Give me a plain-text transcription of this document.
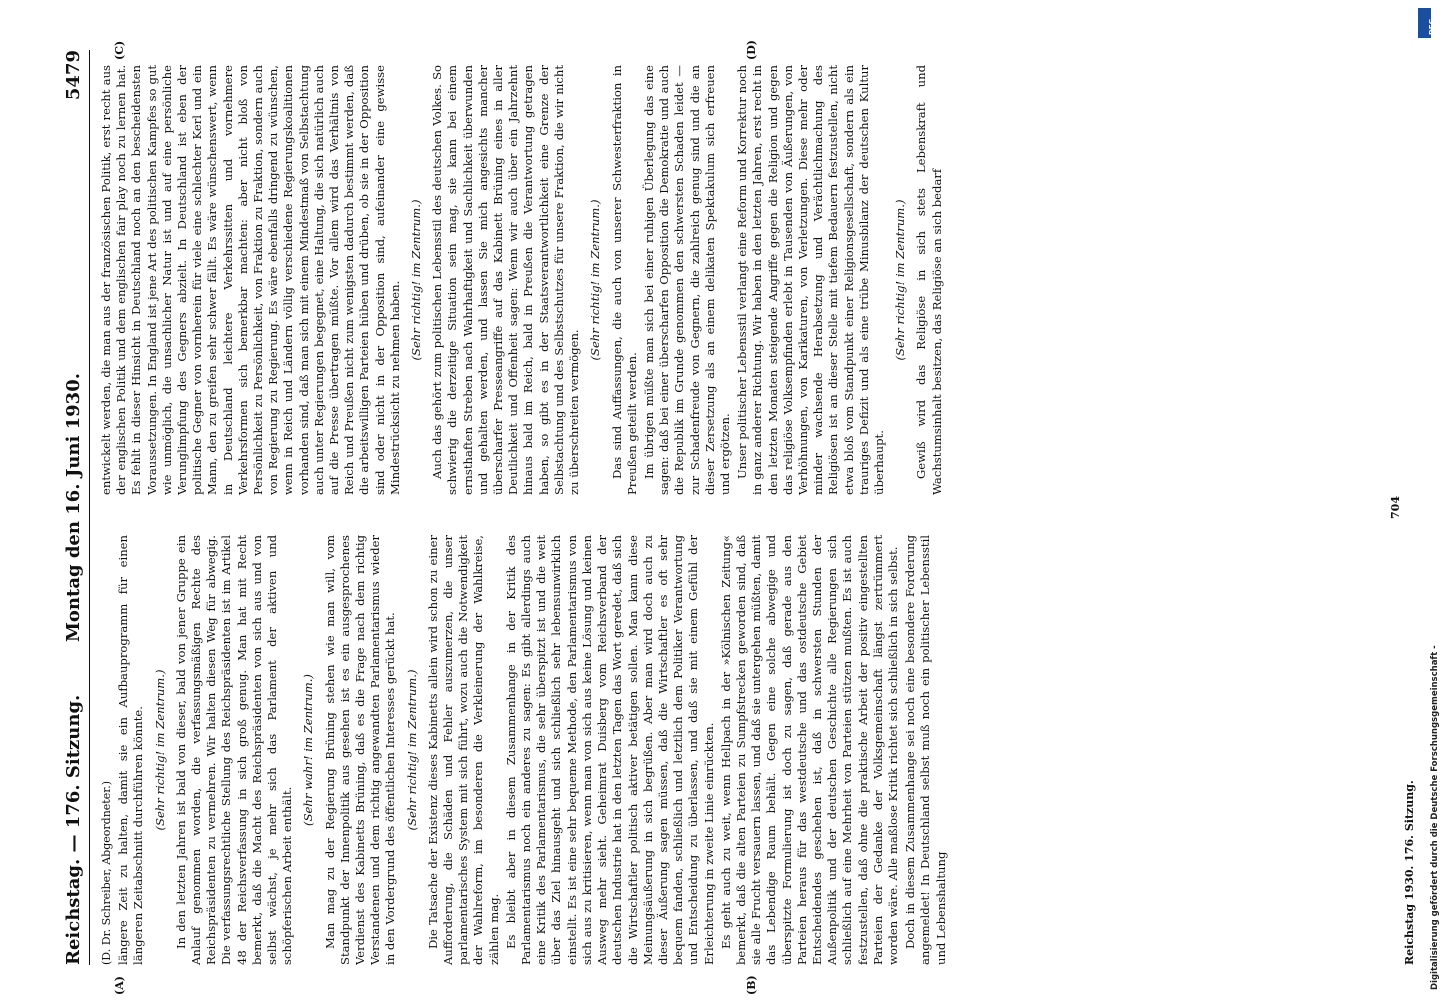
Reichstag. — 176. Sitzung.
Montag den 16. Juni 1930.
5479
(A)	(B)
(C)	(D)
(D. Dr. Schreiber, Abgeordneter.) längere Zeit zu halten, damit sie ein Aufbauprogramm für einen längeren Zeitabschnitt durchführen könnte. (Sehr richtig! im Zentrum.) In den letzten Jahren ist bald von dieser, bald von jener Gruppe ein Anlauf genommen worden, die verfassungsmäßigen Rechte des Reichspräsidenten zu vermehren. Wir halten diesen Weg für abwegig. Die verfassungsrechtliche Stellung des Reichspräsidenten ist im Artikel 48 der Reichsverfassung in sich groß genug. Man hat mit Recht bemerkt, daß die Macht des Reichspräsidenten von sich aus und von selbst wächst, je mehr sich das Parlament der aktiven und schöpferischen Arbeit enthält.

(Sehr wahr! im Zentrum.) Man mag zu der Regierung Brüning stehen wie man will, vom Standpunkt der Innenpolitik aus gesehen ist es ein ausgesprochenes Verdienst des Kabinetts Brüning, daß es die Frage nach dem richtig Verstandenen und dem richtig angewandten Parlamentarismus wieder in den Vordergrund des öffentlichen Interesses gerückt hat. (Sehr richtig! im Zentrum.) Die Tatsache der Existenz dieses Kabinetts allein wird schon zu einer Aufforderung, die Schäden und Fehler auszumerzen, die unser parlamentarisches System mit sich führt, wozu auch die Notwendigkeit der Wahlreform, im besonderen die Verkleinerung der Wahlkreise, zählen mag. Es bleibt aber in diesem Zusammenhange in der Kritik des Parlamentarismus noch ein anderes zu sagen: Es gibt allerdings auch eine Kritik des Parlamentarismus, die sehr überspitzt ist und die weit über das Ziel hinausgeht und sich schließlich sehr lebensunwirklich einstellt. Es ist eine sehr bequeme Methode, den Parlamentarismus von sich aus zu kritisieren, wenn man von sich aus keine Lösung und keinen Ausweg mehr sieht. Geheimrat Duisberg vom Reichsverband der deutschen Industrie hat in den letzten Tagen das Wort geredet, daß sich die Wirtschaftler politisch aktiver betätigen sollen. Man kann diese Meinungsäußerung in sich begrüßen. Aber man wird doch auch zu dieser Äußerung sagen müssen, daß die Wirtschaftler es oft sehr bequem fanden, schließlich und letztlich dem Politiker Verantwortung und Entscheidung zu überlassen, und daß sie mit einem Gefühl der Erleichterung in zweite Linie einrückten. Es geht auch zu weit, wenn Hellpach in der »Kölnischen Zeitung« bemerkt, daß die alten Parteien zu Sumpfstrecken geworden sind, daß sie alle Frucht versauern lassen, und daß sie untergehen müßten, damit das Lebendige Raum behält. Gegen eine solche abwegige und überspitzte Formulierung ist doch zu sagen, daß gerade aus den Parteien heraus für das westdeutsche und das ostdeutsche Gebiet Entscheidendes geschehen ist, daß in schwersten Stunden der Außenpolitik und der deutschen Geschichte alle Regierungen sich schließlich auf eine Mehrheit von Parteien stützen mußten. Es ist auch festzustellen, daß ohne die praktische Arbeit der positiv eingestellten Parteien der Gedanke der Volksgemeinschaft längst zertrümmert worden wäre. Alle maßlose Kritik richtet sich schließlich in sich selbst. Doch in diesem Zusammenhange sei noch eine besondere Forderung angemeldet! In Deutschland selbst muß noch ein politischer Lebensstil und Lebenshaltung

entwickelt werden, die man aus der französischen Politik, erst recht aus der englischen Politik und dem englischen fair play noch zu lernen hat. Es fehlt in dieser Hinsicht in Deutschland noch an den bescheidensten Voraussetzungen. In England ist jene Art des politischen Kampfes so gut wie unmöglich, die unsachlicher Natur ist und auf eine persönliche Verunglimpfung des Gegners abzielt. In Deutschland ist eben der politische Gegner von vornherein für viele eine schlechter Kerl und ein Mann, den zu greifen sehr schwer fällt. Es wäre wünschenswert, wenn in Deutschland leichtere Verkehrssitten und vornehmere Verkehrsformen sich bemerkbar machten: aber nicht bloß von Persönlichkeit zu Persönlichkeit, von Fraktion zu Fraktion, sondern auch von Regierung zu Regierung. Es wäre ebenfalls dringend zu wünschen, wenn in Reich und Ländern völlig verschiedene Regierungskoalitionen vorhanden sind, daß man sich mit einem Mindestmaß von Selbstachtung auch unter Regierungen begegnet, eine Haltung, die sich natürlich auch auf die Presse übertragen müßte. Vor allem wird das Verhältnis von Reich und Preußen nicht zum wenigsten dadurch bestimmt werden, daß die arbeitswilligen Parteien hüben und drüben, ob sie in der Opposition sind oder nicht in der Opposition sind, aufeinander eine gewisse Mindestrücksicht zu nehmen haben.

(Sehr richtig! im Zentrum.) Auch das gehört zum politischen Lebensstil des deutschen Volkes. So schwierig die derzeitige Situation sein mag, sie kann bei einem ernsthaften Streben nach Wahrhaftigkeit und Sachlichkeit überwunden und gehalten werden, und lassen Sie mich angesichts mancher überscharfer Presseangriffe auf das Kabinett Brüning eines in aller Deutlichkeit und Offenheit sagen: Wenn wir auch über ein Jahrzehnt hinaus bald im Reich, bald in Preußen die Verantwortung getragen haben, so gibt es in der Staatsverantwortlichkeit eine Grenze der Selbstachtung und des Selbstschutzes für unsere Fraktion, die wir nicht zu überschreiten vermögen.

(Sehr richtig! im Zentrum.) Das sind Auffassungen, die auch von unserer Schwesterfraktion in Preußen geteilt werden. Im übrigen müßte man sich bei einer ruhigen Überlegung das eine sagen: daß bei einer überscharfen Opposition die Demokratie und auch die Republik im Grunde genommen den schwersten Schaden leidet — zur Schadenfreude von Gegnern, die zahlreich genug sind und die an dieser Zersetzung als an einem delikaten Spektakulum sich erfreuen und ergötzen. Unser politischer Lebensstil verlangt eine Reform und Korrektur noch in ganz anderer Richtung. Wir haben in den letzten Jahren, erst recht in den letzten Monaten steigende Angriffe gegen die Religion und gegen das religiöse Volksempfinden erlebt in Tausenden von Äußerungen, von Verhöhnungen, von Karikaturen, von Verletzungen. Diese mehr oder minder wachsende Herabsetzung und Verächtlichmachung des Religiösen ist an dieser Stelle mit tiefem Bedauern festzustellen, nicht etwa bloß vom Standpunkt einer Religionsgesellschaft, sondern als ein trauriges Defizit und als eine trübe Minusbilanz der deutschen Kultur überhaupt.

(Sehr richtig! im Zentrum.) Gewiß wird das Religiöse in sich stets Lebenskraft und Wachstumsinhalt besitzen, das Religiöse an sich bedarf

Reichstag 1930. 176. Sitzung.
704
DFG
Digitalisierung gefördert durch die Deutsche Forschungsgemeinschaft -
